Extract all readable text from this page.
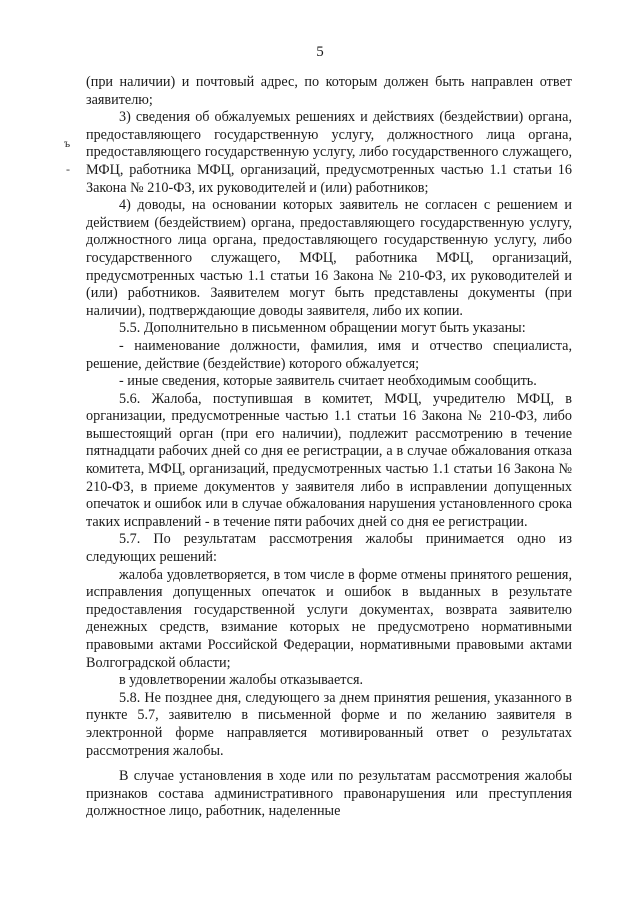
5
ъ
-

(при наличии) и почтовый адрес, по которым должен быть направлен ответ заявителю;

3) сведения об обжалуемых решениях и действиях (бездействии) органа, предоставляющего государственную услугу, должностного лица органа, предоставляющего государственную услугу, либо государственного служащего, МФЦ, работника МФЦ, организаций, предусмотренных частью 1.1 статьи 16 Закона № 210-ФЗ, их руководителей и (или) работников;

4) доводы, на основании которых заявитель не согласен с решением и действием (бездействием) органа, предоставляющего государственную услугу, должностного лица органа, предоставляющего государственную услугу, либо государственного служащего, МФЦ, работника МФЦ, организаций, предусмотренных частью 1.1 статьи 16 Закона № 210-ФЗ, их руководителей и (или) работников. Заявителем могут быть представлены документы (при наличии), подтверждающие доводы заявителя, либо их копии.

5.5. Дополнительно в письменном обращении могут быть указаны:

- наименование должности, фамилия, имя и отчество специалиста, решение, действие (бездействие) которого обжалуется;

- иные сведения, которые заявитель считает необходимым сообщить.

5.6. Жалоба, поступившая в комитет, МФЦ, учредителю МФЦ, в организации, предусмотренные частью 1.1 статьи 16 Закона № 210-ФЗ, либо вышестоящий орган (при его наличии), подлежит рассмотрению в течение пятнадцати рабочих дней со дня ее регистрации, а в случае обжалования отказа комитета, МФЦ, организаций, предусмотренных частью 1.1 статьи 16 Закона № 210-ФЗ, в приеме документов у заявителя либо в исправлении допущенных опечаток и ошибок или в случае обжалования нарушения установленного срока таких исправлений - в течение пяти рабочих дней со дня ее регистрации.

5.7. По результатам рассмотрения жалобы принимается одно из следующих решений:

жалоба удовлетворяется, в том числе в форме отмены принятого решения, исправления допущенных опечаток и ошибок в выданных в результате предоставления государственной услуги документах, возврата заявителю денежных средств, взимание которых не предусмотрено нормативными правовыми актами Российской Федерации, нормативными правовыми актами Волгоградской области;

в удовлетворении жалобы отказывается.

5.8. Не позднее дня, следующего за днем принятия решения, указанного в пункте 5.7, заявителю в письменной форме и по желанию заявителя в электронной форме направляется мотивированный ответ о результатах рассмотрения жалобы.

В случае установления в ходе или по результатам рассмотрения жалобы признаков состава административного правонарушения или преступления должностное лицо, работник, наделенные
